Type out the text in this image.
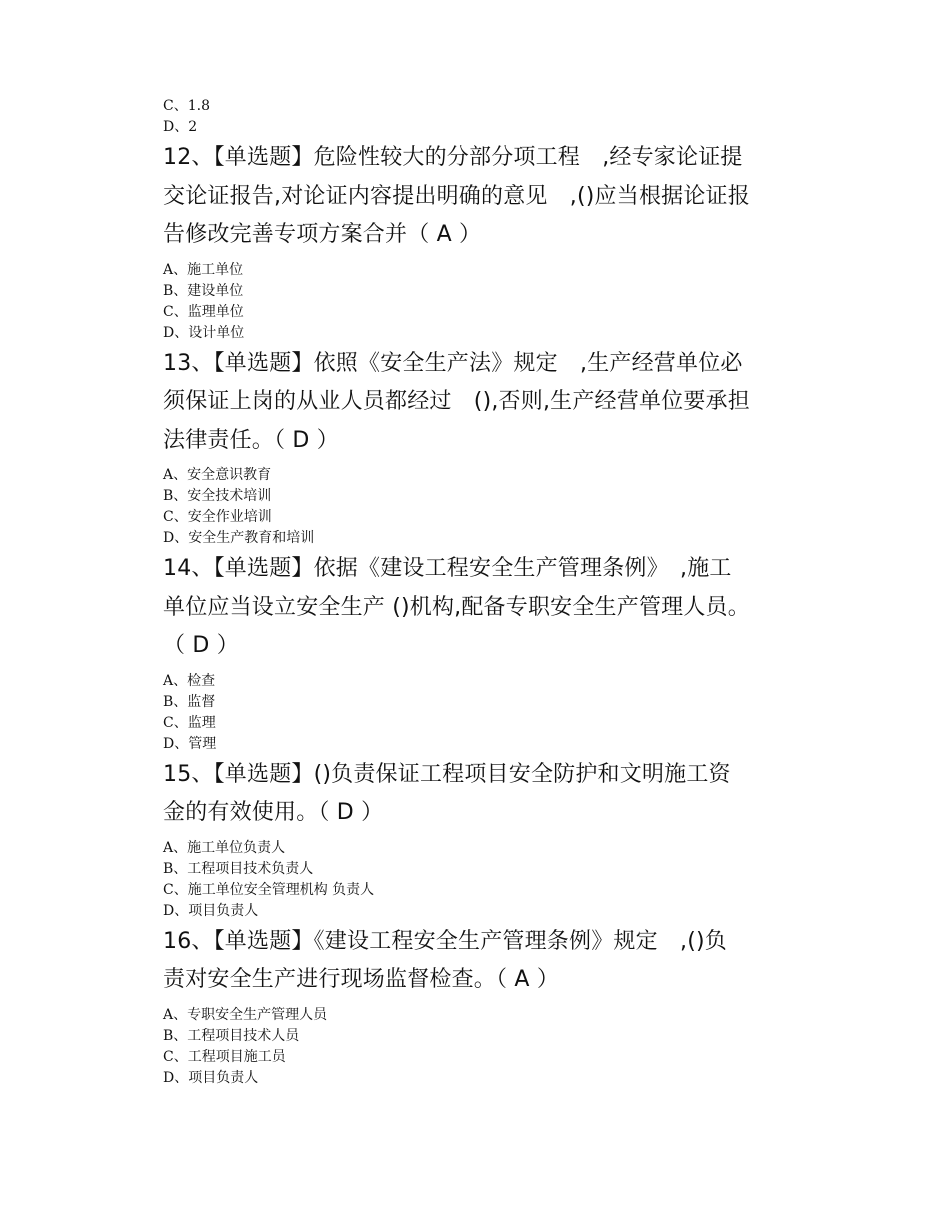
C、1.8
D、2
12、【单选题】危险性较大的分部分项工程　,经专家论证提
交论证报告,对论证内容提出明确的意见　,()应当根据论证报
告修改完善专项方案合并（ A ）
A、施工单位
B、建设单位
C、监理单位
D、设计单位
13、【单选题】依照《安全生产法》规定　,生产经营单位必
须保证上岗的从业人员都经过　(),否则,生产经营单位要承担
法律责任。（ D ）
A、安全意识教育
B、安全技术培训
C、安全作业培训
D、安全生产教育和培训
14、【单选题】依据《建设工程安全生产管理条例》　,施工
单位应当设立安全生产 ()机构,配备专职安全生产管理人员。
（ D ）
A、检查
B、监督
C、监理
D、管理
15、【单选题】()负责保证工程项目安全防护和文明施工资
金的有效使用。（ D ）
A、施工单位负责人
B、工程项目技术负责人
C、施工单位安全管理机构 负责人
D、项目负责人
16、【单选题】《建设工程安全生产管理条例》规定　,()负
责对安全生产进行现场监督检查。（ A ）
A、专职安全生产管理人员
B、工程项目技术人员
C、工程项目施工员
D、项目负责人
